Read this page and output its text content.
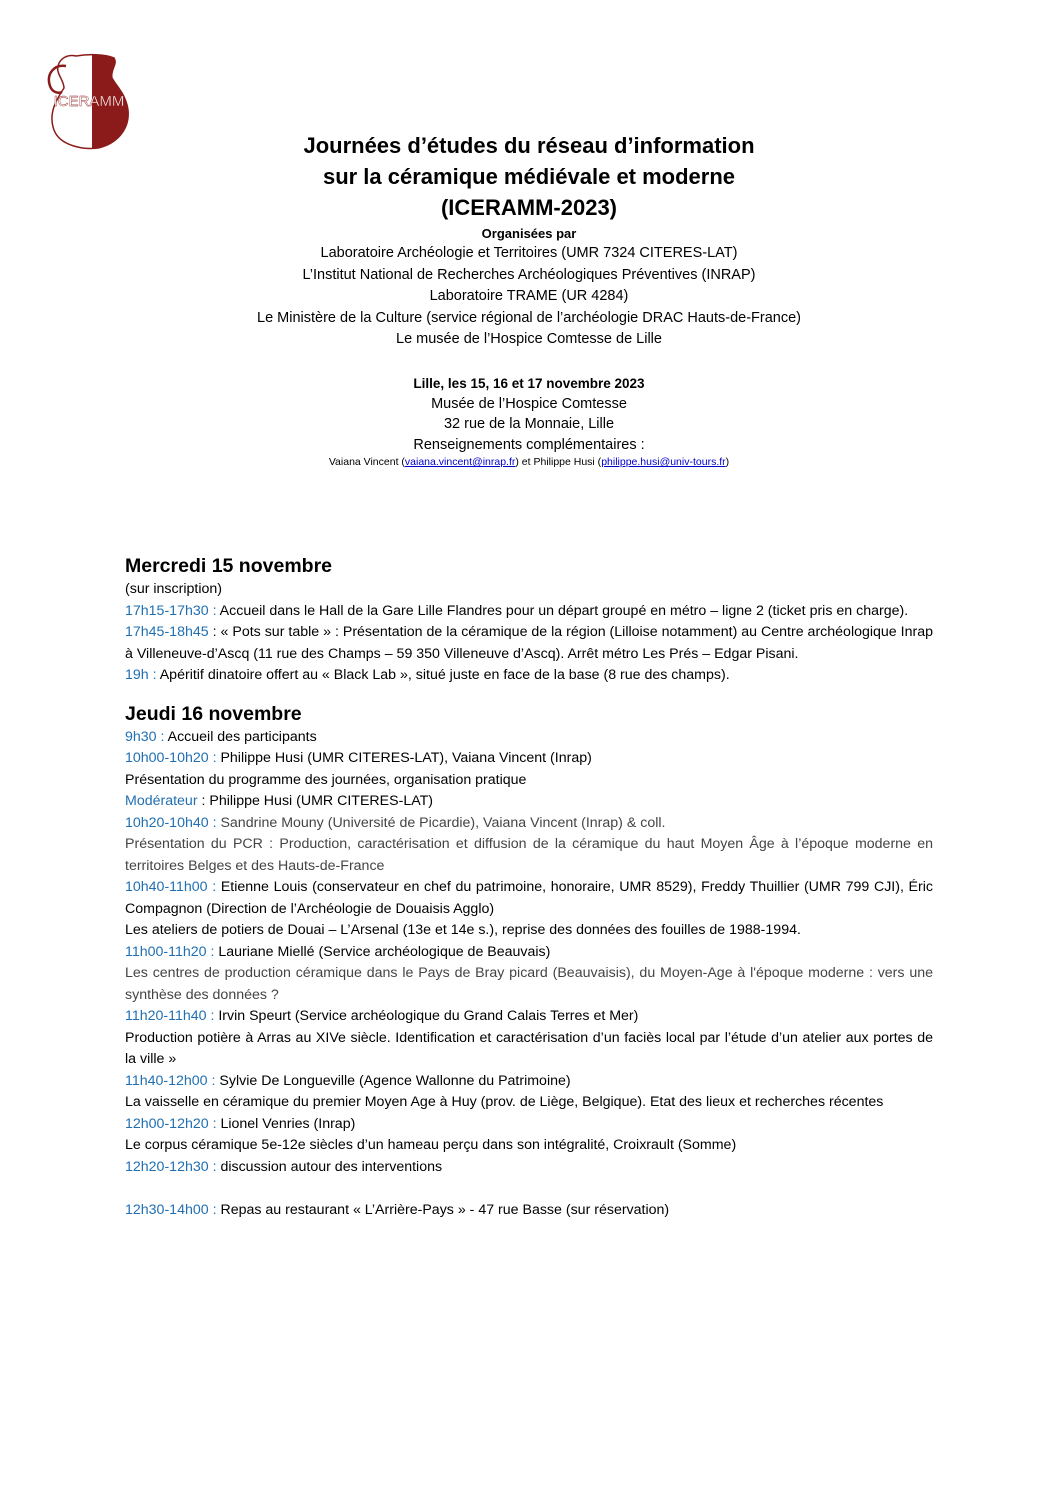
ICERAMM
Journées d’études du réseau d’information
sur la céramique médiévale et moderne
(ICERAMM-2023)
Organisées par
Laboratoire Archéologie et Territoires (UMR 7324 CITERES-LAT)
L’Institut National de Recherches Archéologiques Préventives (INRAP)
Laboratoire TRAME (UR 4284)
Le Ministère de la Culture (service régional de l’archéologie DRAC Hauts-de-France)
Le musée de l’Hospice Comtesse de Lille
Lille, les 15, 16 et 17 novembre 2023
Musée de l’Hospice Comtesse
32 rue de la Monnaie, Lille
Renseignements complémentaires :
Vaiana Vincent (vaiana.vincent@inrap.fr) et Philippe Husi (philippe.husi@univ-tours.fr)
Mercredi 15 novembre

(sur inscription)

17h15-17h30 : Accueil dans le Hall de la Gare Lille Flandres pour un départ groupé en métro – ligne 2 (ticket pris en charge).

17h45-18h45 : « Pots sur table » : Présentation de la céramique de la région (Lilloise notamment) au Centre archéologique Inrap à Villeneuve-d’Ascq (11 rue des Champs – 59 350 Villeneuve d’Ascq). Arrêt métro Les Prés – Edgar Pisani.

19h : Apéritif dinatoire offert au « Black Lab », situé juste en face de la base (8 rue des champs).

Jeudi 16 novembre

9h30 : Accueil des participants

10h00-10h20 : Philippe Husi (UMR CITERES-LAT), Vaiana Vincent (Inrap)

Présentation du programme des journées, organisation pratique

Modérateur : Philippe Husi (UMR CITERES-LAT)

10h20-10h40 : Sandrine Mouny (Université de Picardie), Vaiana Vincent (Inrap) & coll.

Présentation du PCR : Production, caractérisation et diffusion de la céramique du haut Moyen Âge à l’époque moderne en territoires Belges et des Hauts-de-France

10h40-11h00 : Etienne Louis (conservateur en chef du patrimoine, honoraire, UMR 8529), Freddy Thuillier (UMR 799 CJI), Éric Compagnon (Direction de l’Archéologie de Douaisis Agglo)

Les ateliers de potiers de Douai – L’Arsenal (13e et 14e s.), reprise des données des fouilles de 1988-1994.

11h00-11h20 : Lauriane Miellé (Service archéologique de Beauvais)

Les centres de production céramique dans le Pays de Bray picard (Beauvaisis), du Moyen-Age à l'époque moderne : vers une synthèse des données ?

11h20-11h40 : Irvin Speurt (Service archéologique du Grand Calais Terres et Mer)

Production potière à Arras au XIVe siècle. Identification et caractérisation d’un faciès local par l’étude d’un atelier aux portes de la ville »

11h40-12h00 : Sylvie De Longueville (Agence Wallonne du Patrimoine)

La vaisselle en céramique du premier Moyen Age à Huy (prov. de Liège, Belgique). Etat des lieux et recherches récentes

12h00-12h20 : Lionel Venries (Inrap)

Le corpus céramique 5e-12e siècles d’un hameau perçu dans son intégralité, Croixrault (Somme)

12h20-12h30 : discussion autour des interventions

12h30-14h00 : Repas au restaurant « L’Arrière-Pays » - 47 rue Basse (sur réservation)
